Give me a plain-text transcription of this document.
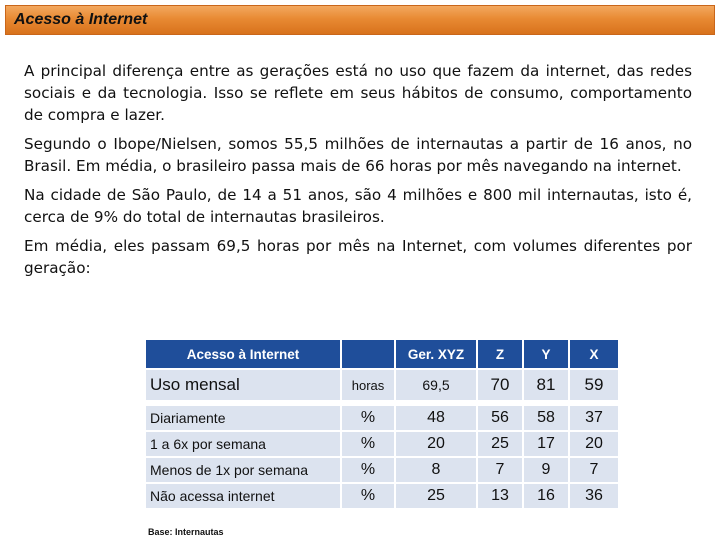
Acesso à Internet

A principal diferença entre as gerações está no uso que fazem da internet, das redes sociais e da tecnologia. Isso se reflete em seus hábitos de consumo, comportamento de compra e lazer.

Segundo o Ibope/Nielsen, somos 55,5 milhões de internautas a partir de 16 anos, no Brasil. Em média, o brasileiro passa mais de 66 horas por mês navegando na internet.

Na cidade de São Paulo, de 14 a 51 anos, são 4 milhões e 800 mil internautas, isto é, cerca de 9% do total de internautas brasileiros.

Em média, eles passam 69,5 horas por mês na Internet, com volumes diferentes por geração:

Acesso à Internet		Ger. XYZ	Z	Y	X
Uso mensal	horas	69,5	70	81	59
Diariamente	%	48	56	58	37
1 a 6x por semana	%	20	25	17	20
Menos de 1x por semana	%	8	7	9	7
Não acessa internet	%	25	13	16	36
Base: Internautas
